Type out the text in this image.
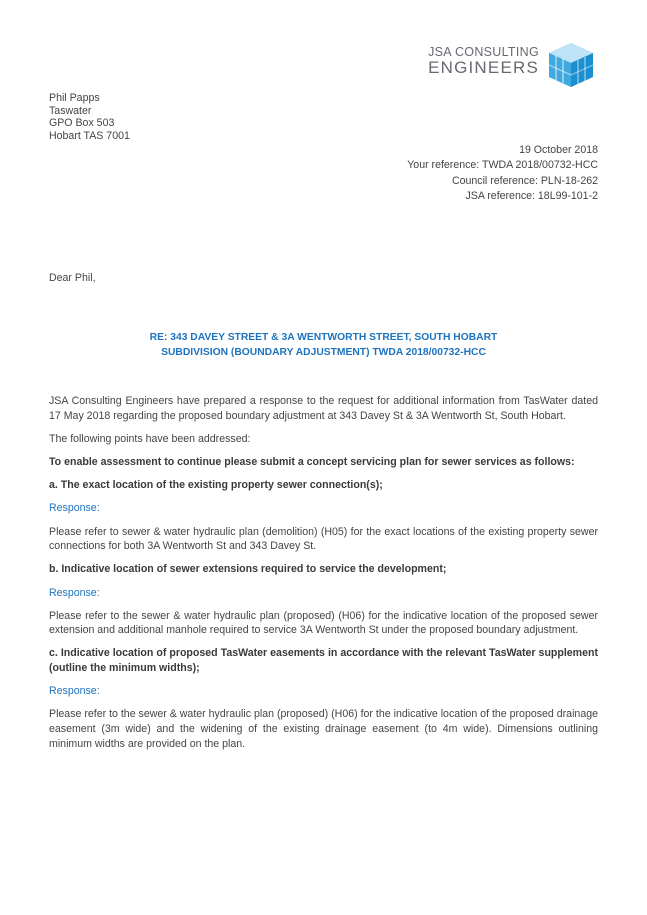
JSA CONSULTING
ENGINEERS
Phil Papps
Taswater
GPO Box 503
Hobart TAS 7001
19 October 2018
Your reference: TWDA 2018/00732-HCC
Council reference: PLN-18-262
JSA reference: 18L99-101-2
Dear Phil,
RE: 343 DAVEY STREET & 3A WENTWORTH STREET, SOUTH HOBART
SUBDIVISION (BOUNDARY ADJUSTMENT) TWDA 2018/00732-HCC

JSA Consulting Engineers have prepared a response to the request for additional information from TasWater dated 17 May 2018 regarding the proposed boundary adjustment at 343 Davey St & 3A Wentworth St, South Hobart.

The following points have been addressed:

To enable assessment to continue please submit a concept servicing plan for sewer services as follows:

a. The exact location of the existing property sewer connection(s);

Response:

Please refer to sewer & water hydraulic plan (demolition) (H05) for the exact locations of the existing property sewer connections for both 3A Wentworth St and 343 Davey St.

b. Indicative location of sewer extensions required to service the development;

Response:

Please refer to the sewer & water hydraulic plan (proposed) (H06) for the indicative location of the proposed sewer extension and additional manhole required to service 3A Wentworth St under the proposed boundary adjustment.

c. Indicative location of proposed TasWater easements in accordance with the relevant TasWater supplement (outline the minimum widths);

Response:

Please refer to the sewer & water hydraulic plan (proposed) (H06) for the indicative location of the proposed drainage easement (3m wide) and the widening of the existing drainage easement (to 4m wide). Dimensions outlining minimum widths are provided on the plan.
